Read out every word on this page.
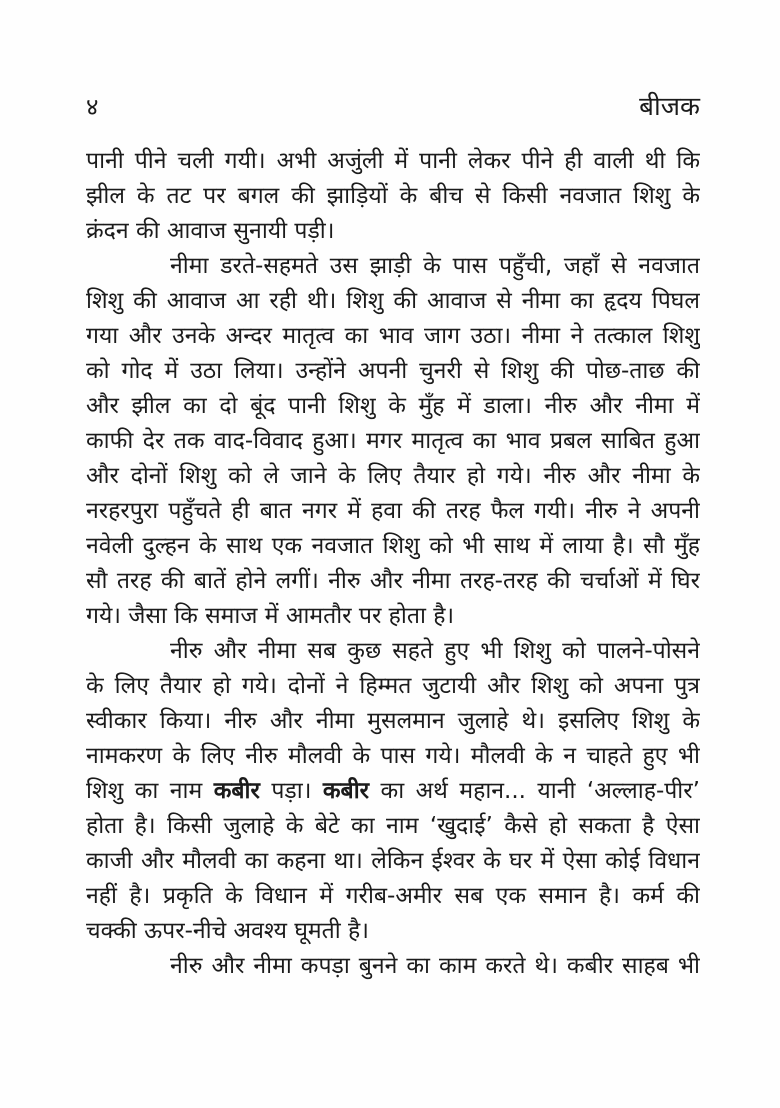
४	बीजक
पानी पीने चली गयी। अभी अजुंली में पानी लेकर पीने ही वाली थी कि
झील के तट पर बगल की झाड़ियों के बीच से किसी नवजात शिशु के
क्रंदन की आवाज सुनायी पड़ी।
नीमा डरते-सहमते उस झाड़ी के पास पहुँची, जहाँ से नवजात
शिशु की आवाज आ रही थी। शिशु की आवाज से नीमा का हृदय पिघल
गया और उनके अन्दर मातृत्व का भाव जाग उठा। नीमा ने तत्काल शिशु
को गोद में उठा लिया। उन्होंने अपनी चुनरी से शिशु की पोछ-ताछ की
और झील का दो बूंद पानी शिशु के मुँह में डाला। नीरु और नीमा में
काफी देर तक वाद-विवाद हुआ। मगर मातृत्व का भाव प्रबल साबित हुआ
और दोनों शिशु को ले जाने के लिए तैयार हो गये। नीरु और नीमा के
नरहरपुरा पहुँचते ही बात नगर में हवा की तरह फैल गयी। नीरु ने अपनी
नवेली दुल्हन के साथ एक नवजात शिशु को भी साथ में लाया है। सौ मुँह
सौ तरह की बातें होने लगीं। नीरु और नीमा तरह-तरह की चर्चाओं में घिर
गये। जैसा कि समाज में आमतौर पर होता है।
नीरु और नीमा सब कुछ सहते हुए भी शिशु को पालने-पोसने
के लिए तैयार हो गये। दोनों ने हिम्मत जुटायी और शिशु को अपना पुत्र
स्वीकार किया। नीरु और नीमा मुसलमान जुलाहे थे। इसलिए शिशु के
नामकरण के लिए नीरु मौलवी के पास गये। मौलवी के न चाहते हुए भी
शिशु का नाम कबीर पड़ा। कबीर का अर्थ महान... यानी ‘अल्लाह-पीर’
होता है। किसी जुलाहे के बेटे का नाम ‘खुदाई’ कैसे हो सकता है ऐसा
काजी और मौलवी का कहना था। लेकिन ईश्वर के घर में ऐसा कोई विधान
नहीं है। प्रकृति के विधान में गरीब-अमीर सब एक समान है। कर्म की
चक्की ऊपर-नीचे अवश्य घूमती है।
नीरु और नीमा कपड़ा बुनने का काम करते थे। कबीर साहब भी
